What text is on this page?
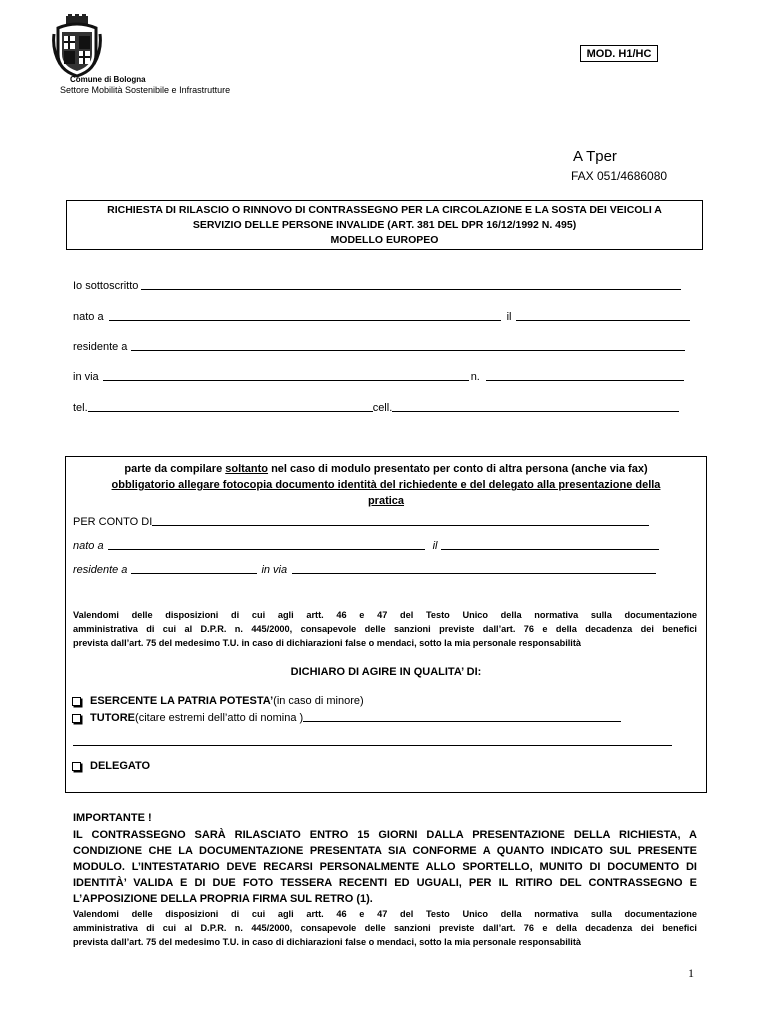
Comune di Bologna
Settore Mobilità Sostenibile e Infrastrutture
MOD. H1/HC
A Tper
FAX 051/4686080
RICHIESTA DI RILASCIO O RINNOVO DI CONTRASSEGNO PER LA CIRCOLAZIONE E LA SOSTA DEI VEICOLI A
SERVIZIO DELLE PERSONE INVALIDE (ART. 381 DEL DPR 16/12/1992 N. 495)
MODELLO EUROPEO
Io sottoscritto
nato a	il
residente a
in via	n.
tel.	cell.
parte da compilare soltanto nel caso di modulo presentato per conto di altra persona (anche via fax)
obbligatorio allegare fotocopia documento identità del richiedente e del delegato alla presentazione della
pratica
PER CONTO DI
nato a	il
residente a	in via
Valendomi delle disposizioni di cui agli artt. 46 e 47 del Testo Unico della normativa sulla documentazione
amministrativa di cui al D.P.R. n. 445/2000, consapevole delle sanzioni previste dall’art. 76 e della decadenza dei benefici
prevista dall’art. 75 del medesimo T.U. in caso di dichiarazioni false o mendaci, sotto la mia personale responsabilità
DICHIARO DI AGIRE IN QUALITA’ DI:
ESERCENTE LA PATRIA POTESTA’ (in caso di minore)
TUTORE (citare estremi dell’atto di nomina )
DELEGATO
IMPORTANTE !
IL CONTRASSEGNO SARÀ RILASCIATO ENTRO 15 GIORNI DALLA PRESENTAZIONE DELLA RICHIESTA, A
CONDIZIONE CHE LA DOCUMENTAZIONE PRESENTATA SIA CONFORME A QUANTO INDICATO SUL PRESENTE
MODULO. L’INTESTATARIO DEVE RECARSI PERSONALMENTE ALLO SPORTELLO, MUNITO DI DOCUMENTO DI
IDENTITÀ’ VALIDA E DI DUE FOTO TESSERA RECENTI ED UGUALI, PER IL RITIRO DEL CONTRASSEGNO E
L’APPOSIZIONE DELLA PROPRIA FIRMA SUL RETRO (1).
Valendomi delle disposizioni di cui agli artt. 46 e 47 del Testo Unico della normativa sulla documentazione
amministrativa di cui al D.P.R. n. 445/2000, consapevole delle sanzioni previste dall’art. 76 e della decadenza dei benefici
prevista dall’art. 75 del medesimo T.U. in caso di dichiarazioni false o mendaci, sotto la mia personale responsabilità
1
